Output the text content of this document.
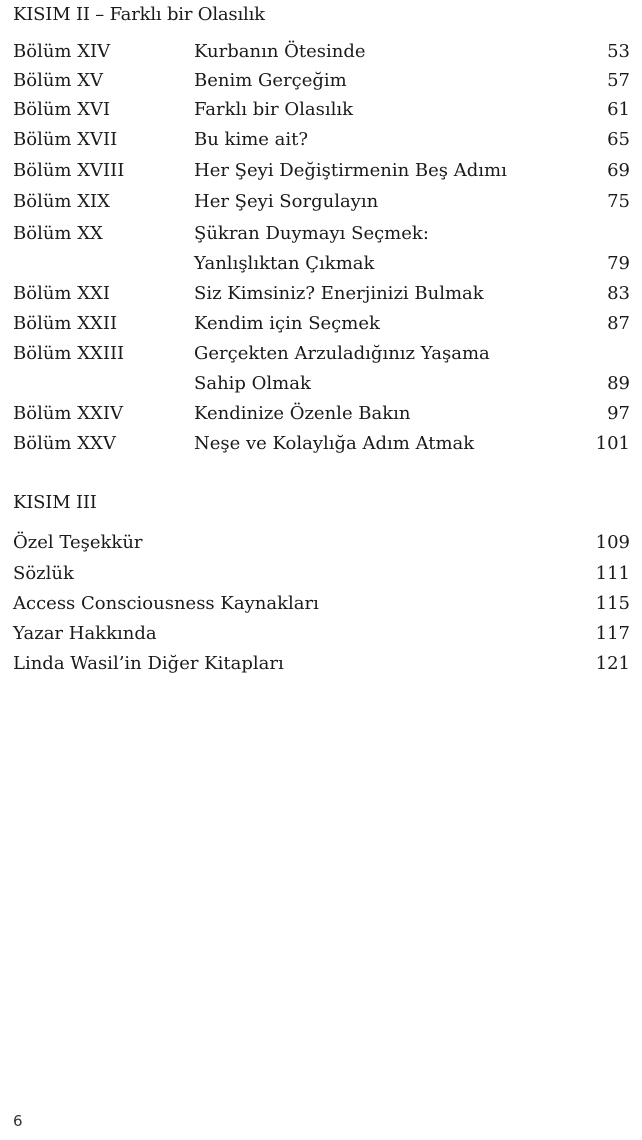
KISIM II – Farklı bir Olasılık
Bölüm XIV	Kurbanın Ötesinde	53
Bölüm XV	Benim Gerçeğim	57
Bölüm XVI	Farklı bir Olasılık	61
Bölüm XVII	Bu kime ait?	65
Bölüm XVIII	Her Şeyi Değiştirmenin Beş Adımı	69
Bölüm XIX	Her Şeyi Sorgulayın	75
Bölüm XX	Şükran Duymayı Seçmek:
Yanlışlıktan Çıkmak	79
Bölüm XXI	Siz Kimsiniz? Enerjinizi Bulmak	83
Bölüm XXII	Kendim için Seçmek	87
Bölüm XXIII	Gerçekten Arzuladığınız Yaşama
Sahip Olmak	89
Bölüm XXIV	Kendinize Özenle Bakın	97
Bölüm XXV	Neşe ve Kolaylığa Adım Atmak	101
KISIM III
Özel Teşekkür	109
Sözlük	111
Access Consciousness Kaynakları	115
Yazar Hakkında	117
Linda Wasil’in Diğer Kitapları	121
6
